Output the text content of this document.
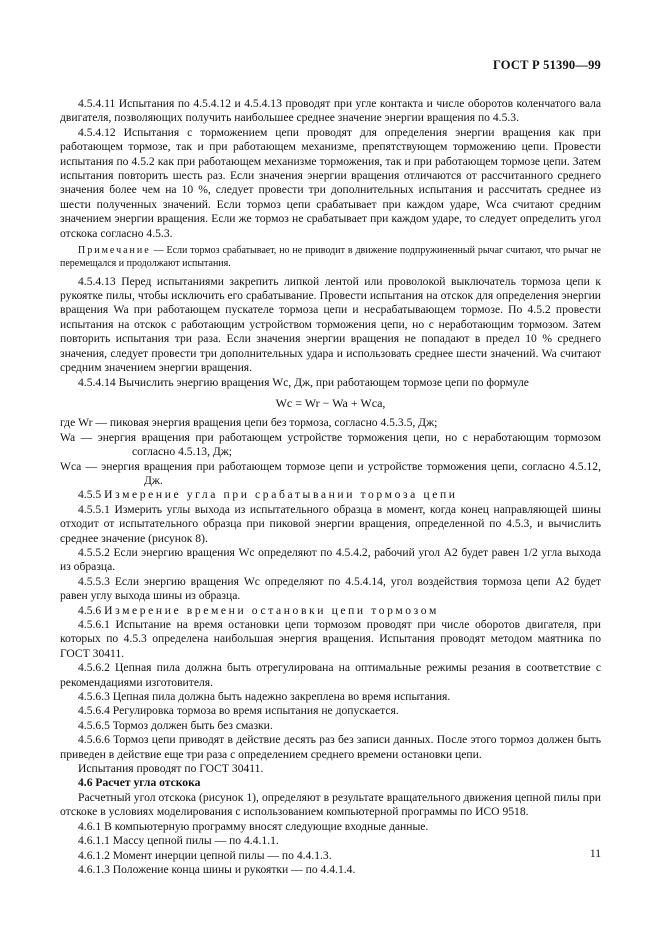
ГОСТ Р 51390—99

4.5.4.11 Испытания по 4.5.4.12 и 4.5.4.13 проводят при угле контакта и числе оборотов коленчатого вала двигателя, позволяющих получить наибольшее среднее значение энергии вращения по 4.5.3.

4.5.4.12 Испытания с торможением цепи проводят для определения энергии вращения как при работающем тормозе, так и при работающем механизме, препятствующем торможению цепи. Провести испытания по 4.5.2 как при работающем механизме торможения, так и при работающем тормозе цепи. Затем испытания повторить шесть раз. Если значения энергии вращения отличаются от рассчитанного среднего значения более чем на 10 %, следует провести три дополнительных испытания и рассчитать среднее из шести полученных значений. Если тормоз цепи срабатывает при каждом ударе, Wca считают средним значением энергии вращения. Если же тормоз не срабатывает при каждом ударе, то следует определить угол отскока согласно 4.5.3.

Примечание — Если тормоз срабатывает, но не приводит в движение подпружиненный рычаг считают, что рычаг не перемещался и продолжают испытания.

4.5.4.13 Перед испытаниями закрепить липкой лентой или проволокой выключатель тормоза цепи к рукоятке пилы, чтобы исключить его срабатывание. Провести испытания на отскок для определения энергии вращения Wa при работающем пускателе тормоза цепи и несрабатывающем тормозе. По 4.5.2 провести испытания на отскок с работающим устройством торможения цепи, но с неработающим тормозом. Затем повторить испытания три раза. Если значения энергии вращения не попадают в предел 10 % среднего значения, следует провести три дополнительных удара и использовать среднее шести значений. Wa считают средним значением энергии вращения.

4.5.4.14 Вычислить энергию вращения Wc, Дж, при работающем тормозе цепи по формуле

Wc = Wr − Wa + Wca,

где Wr — пиковая энергия вращения цепи без тормоза, согласно 4.5.3.5, Дж;

Wa — энергия вращения при работающем устройстве торможения цепи, но с неработающим тормозом согласно 4.5.13, Дж;

Wca — энергия вращения при работающем тормозе цепи и устройстве торможения цепи, согласно 4.5.12, Дж.

4.5.5 Измерение угла при срабатывании тормоза цепи

4.5.5.1 Измерить углы выхода из испытательного образца в момент, когда конец направляющей шины отходит от испытательного образца при пиковой энергии вращения, определенной по 4.5.3, и вычислить среднее значение (рисунок 8).

4.5.5.2 Если энергию вращения Wc определяют по 4.5.4.2, рабочий угол A2 будет равен 1/2 угла выхода из образца.

4.5.5.3 Если энергию вращения Wc определяют по 4.5.4.14, угол воздействия тормоза цепи A2 будет равен углу выхода шины из образца.

4.5.6 Измерение времени остановки цепи тормозом

4.5.6.1 Испытание на время остановки цепи тормозом проводят при числе оборотов двигателя, при которых по 4.5.3 определена наибольшая энергия вращения. Испытания проводят методом маятника по ГОСТ 30411.

4.5.6.2 Цепная пила должна быть отрегулирована на оптимальные режимы резания в соответствие с рекомендациями изготовителя.

4.5.6.3 Цепная пила должна быть надежно закреплена во время испытания.

4.5.6.4 Регулировка тормоза во время испытания не допускается.

4.5.6.5 Тормоз должен быть без смазки.

4.5.6.6 Тормоз цепи приводят в действие десять раз без записи данных. После этого тормоз должен быть приведен в действие еще три раза с определением среднего времени остановки цепи.

Испытания проводят по ГОСТ 30411.

4.6 Расчет угла отскока

Расчетный угол отскока (рисунок 1), определяют в результате вращательного движения цепной пилы при отскоке в условиях моделирования с использованием компьютерной программы по ИСО 9518.

4.6.1 В компьютерную программу вносят следующие входные данные.

4.6.1.1 Массу цепной пилы — по 4.4.1.1.

4.6.1.2 Момент инерции цепной пилы — по 4.4.1.3.

4.6.1.3 Положение конца шины и рукоятки — по 4.4.1.4.

11
